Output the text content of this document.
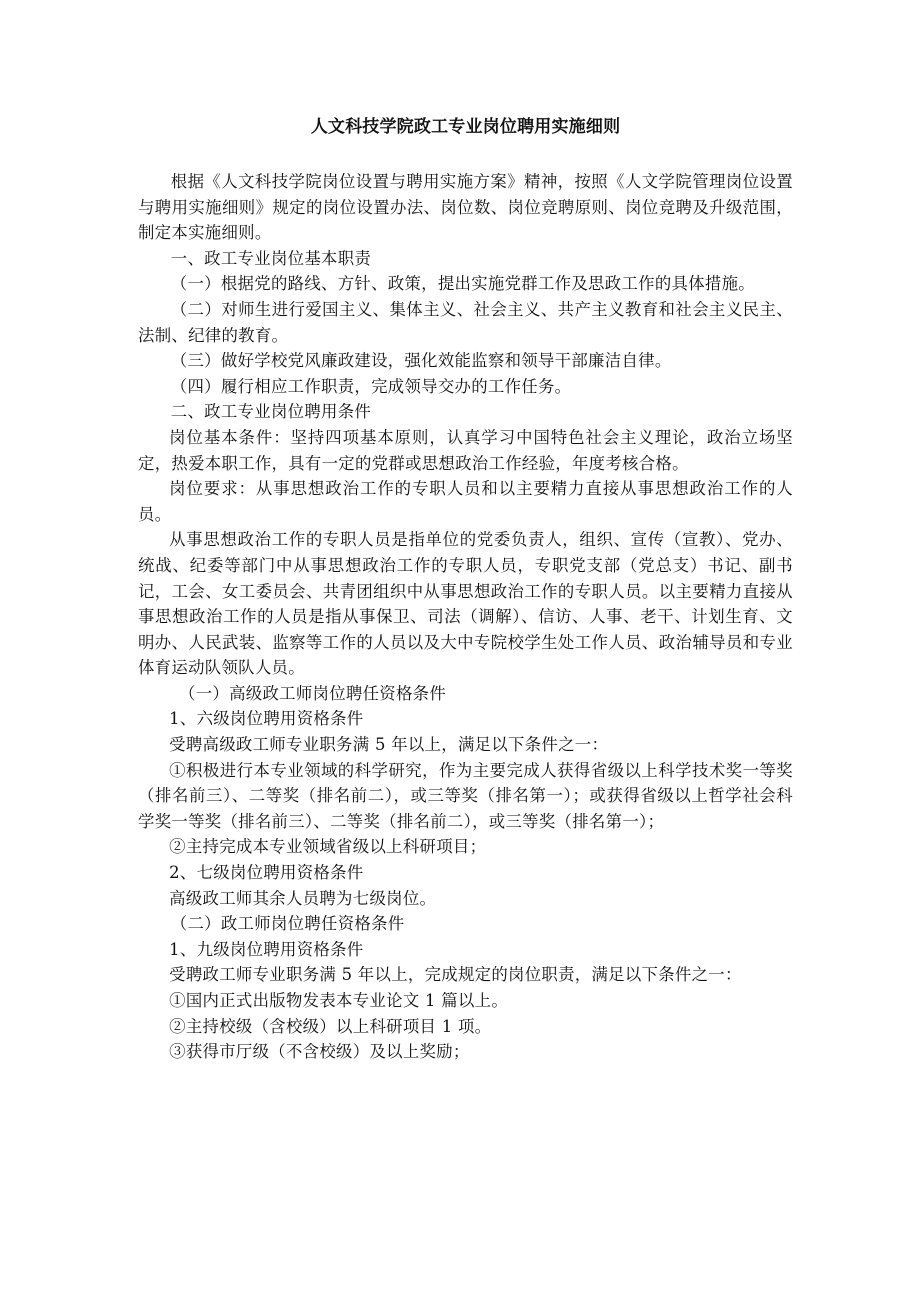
人文科技学院政工专业岗位聘用实施细则

根据《人文科技学院岗位设置与聘用实施方案》精神，按照《人文学院管理岗位设置与聘用实施细则》规定的岗位设置办法、岗位数、岗位竞聘原则、岗位竞聘及升级范围，制定本实施细则。

一、政工专业岗位基本职责

（一）根据党的路线、方针、政策，提出实施党群工作及思政工作的具体措施。

（二）对师生进行爱国主义、集体主义、社会主义、共产主义教育和社会主义民主、法制、纪律的教育。

（三）做好学校党风廉政建设，强化效能监察和领导干部廉洁自律。

（四）履行相应工作职责，完成领导交办的工作任务。

二、政工专业岗位聘用条件

岗位基本条件：坚持四项基本原则，认真学习中国特色社会主义理论，政治立场坚定，热爱本职工作，具有一定的党群或思想政治工作经验，年度考核合格。

岗位要求：从事思想政治工作的专职人员和以主要精力直接从事思想政治工作的人员。

从事思想政治工作的专职人员是指单位的党委负责人，组织、宣传（宣教）、党办、统战、纪委等部门中从事思想政治工作的专职人员，专职党支部（党总支）书记、副书记，工会、女工委员会、共青团组织中从事思想政治工作的专职人员。以主要精力直接从事思想政治工作的人员是指从事保卫、司法（调解）、信访、人事、老干、计划生育、文明办、人民武装、监察等工作的人员以及大中专院校学生处工作人员、政治辅导员和专业体育运动队领队人员。

（一）高级政工师岗位聘任资格条件

1、六级岗位聘用资格条件

受聘高级政工师专业职务满 5 年以上，满足以下条件之一：

①积极进行本专业领域的科学研究，作为主要完成人获得省级以上科学技术奖一等奖（排名前三）、二等奖（排名前二），或三等奖（排名第一）；或获得省级以上哲学社会科学奖一等奖（排名前三）、二等奖（排名前二），或三等奖（排名第一）；

②主持完成本专业领域省级以上科研项目；

2、七级岗位聘用资格条件

高级政工师其余人员聘为七级岗位。

（二）政工师岗位聘任资格条件

1、九级岗位聘用资格条件

受聘政工师专业职务满 5 年以上，完成规定的岗位职责，满足以下条件之一：

①国内正式出版物发表本专业论文 1 篇以上。

②主持校级（含校级）以上科研项目 1 项。

③获得市厅级（不含校级）及以上奖励；
